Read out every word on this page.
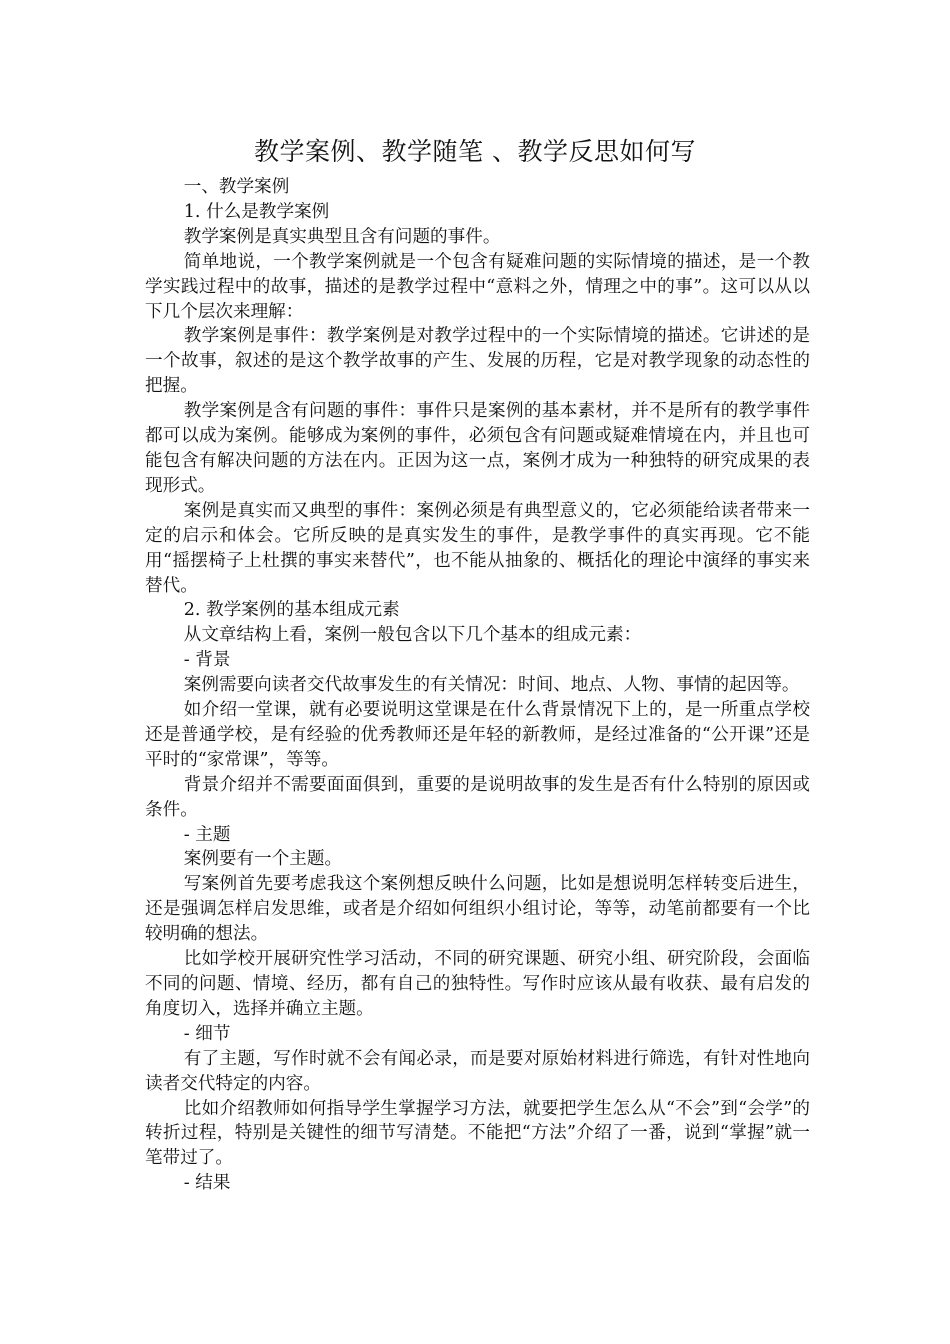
教学案例、教学随笔 、教学反思如何写

一、教学案例

1. 什么是教学案例

教学案例是真实典型且含有问题的事件。

简单地说，一个教学案例就是一个包含有疑难问题的实际情境的描述，是一个教学实践过程中的故事，描述的是教学过程中“意料之外，情理之中的事”。这可以从以下几个层次来理解：

教学案例是事件：教学案例是对教学过程中的一个实际情境的描述。它讲述的是一个故事，叙述的是这个教学故事的产生、发展的历程，它是对教学现象的动态性的把握。

教学案例是含有问题的事件：事件只是案例的基本素材，并不是所有的教学事件都可以成为案例。能够成为案例的事件，必须包含有问题或疑难情境在内，并且也可能包含有解决问题的方法在内。正因为这一点，案例才成为一种独特的研究成果的表现形式。

案例是真实而又典型的事件：案例必须是有典型意义的，它必须能给读者带来一定的启示和体会。它所反映的是真实发生的事件，是教学事件的真实再现。它不能用“摇摆椅子上杜撰的事实来替代”，也不能从抽象的、概括化的理论中演绎的事实来替代。

2. 教学案例的基本组成元素

从文章结构上看，案例一般包含以下几个基本的组成元素：

- 背景

案例需要向读者交代故事发生的有关情况：时间、地点、人物、事情的起因等。

如介绍一堂课，就有必要说明这堂课是在什么背景情况下上的，是一所重点学校还是普通学校，是有经验的优秀教师还是年轻的新教师，是经过准备的“公开课”还是平时的“家常课”，等等。

背景介绍并不需要面面俱到，重要的是说明故事的发生是否有什么特别的原因或条件。

- 主题

案例要有一个主题。

写案例首先要考虑我这个案例想反映什么问题，比如是想说明怎样转变后进生，还是强调怎样启发思维，或者是介绍如何组织小组讨论，等等，动笔前都要有一个比较明确的想法。

比如学校开展研究性学习活动，不同的研究课题、研究小组、研究阶段，会面临不同的问题、情境、经历，都有自己的独特性。写作时应该从最有收获、最有启发的角度切入，选择并确立主题。

- 细节

有了主题，写作时就不会有闻必录，而是要对原始材料进行筛选，有针对性地向读者交代特定的内容。

比如介绍教师如何指导学生掌握学习方法，就要把学生怎么从“不会”到“会学”的转折过程，特别是关键性的细节写清楚。不能把“方法”介绍了一番，说到“掌握”就一笔带过了。

- 结果
